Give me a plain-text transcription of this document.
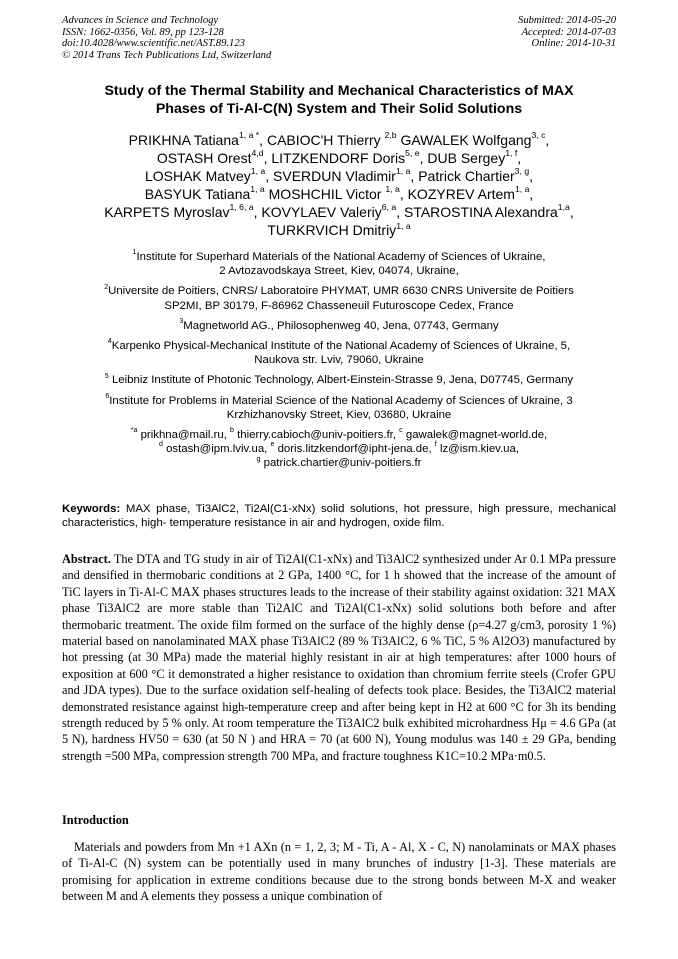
Advances in Science and Technology
ISSN: 1662-0356, Vol. 89, pp 123-128
doi:10.4028/www.scientific.net/AST.89.123
© 2014 Trans Tech Publications Ltd, Switzerland
Submitted: 2014-05-20
Accepted: 2014-07-03
Online: 2014-10-31
Study of the Thermal Stability and Mechanical Characteristics of MAX
Phases of Ti-Al-C(N) System and Their Solid Solutions
PRIKHNA Tatiana$^{1, a *}$, CABIOC'H Thierry $^{2,b}$ GAWALEK Wolfgang$^{3, c}$,
OSTASH Orest$^{4,d}$, LITZKENDORF Doris$^{5, e}$, DUB Sergey$^{1, f}$,
LOSHAK Matvey$^{1, a}$, SVERDUN Vladimir$^{1, a}$, Patrick Chartier$^{3, g}$,
BASYUK Tatiana$^{1, a}$ MOSHCHIL Victor $^{1, a}$, KOZYREV Artem$^{1, a}$,
KARPETS Myroslav$^{1, 6, a}$, KOVYLAEV Valeriy$^{6, a}$, STAROSTINA Alexandra$^{1,a}$,
TURKRVICH Dmitriy$^{1, a}$
$^1$Institute for Superhard Materials of the National Academy of Sciences of Ukraine,
2 Avtozavodskaya Street, Kiev, 04074, Ukraine,
$^2$Universite de Poitiers, CNRS/ Laboratoire PHYMAT, UMR 6630 CNRS Universite de Poitiers
SP2MI, BP 30179, F-86962 Chasseneuil Futuroscope Cedex, France
$^3$Magnetworld AG., Philosophenweg 40, Jena, 07743, Germany
$^4$Karpenko Physical-Mechanical Institute of the National Academy of Sciences of Ukraine, 5,
Naukova str. Lviv, 79060, Ukraine
$^5$ Leibniz Institute of Photonic Technology, Albert-Einstein-Strasse 9, Jena, D07745, Germany
$^6$Institute for Problems in Material Science of the National Academy of Sciences of Ukraine, 3
Krzhizhanovsky Street, Kiev, 03680, Ukraine
$^{*a}$ prikhna@mail.ru, $^b$ thierry.cabioch@univ-poitiers.fr, $^c$ gawalek@magnet-world.de,
$^d$ ostash@ipm.lviv.ua, $^e$ doris.litzkendorf@ipht-jena.de, $^f$ lz@ism.kiev.ua,
$^g$ patrick.chartier@univ-poitiers.fr
Keywords: MAX phase, Ti3AlC2, Ti2Al(C1-xNx) solid solutions, hot pressure, high pressure, mechanical characteristics, high- temperature resistance in air and hydrogen, oxide film.
Abstract. The DTA and TG study in air of Ti2Al(C1-xNx) and Ti3AlC2 synthesized under Ar 0.1 MPa pressure and densified in thermobaric conditions at 2 GPa, 1400 °C, for 1 h showed that the increase of the amount of TiC layers in Ti-Al-C MAX phases structures leads to the increase of their stability against oxidation: 321 MAX phase Ti3AlC2 are more stable than Ti2AlC and Ti2Al(C1-xNx) solid solutions both before and after thermobaric treatment. The oxide film formed on the surface of the highly dense (ρ=4.27 g/cm3, porosity 1 %) material based on nanolaminated MAX phase Ti3AlC2 (89 % Ti3AlC2, 6 % TiC, 5 % Al2O3) manufactured by hot pressing (at 30 MPa) made the material highly resistant in air at high temperatures: after 1000 hours of exposition at 600 °C it demonstrated a higher resistance to oxidation than chromium ferrite steels (Crofer GPU and JDA types). Due to the surface oxidation self-healing of defects took place. Besides, the Ti3AlC2 material demonstrated resistance against high-temperature creep and after being kept in H2 at 600 °C for 3h its bending strength reduced by 5 % only. At room temperature the Ti3AlC2 bulk exhibited microhardness Hμ = 4.6 GPa (at 5 N), hardness HV50 = 630 (at 50 N ) and HRA = 70 (at 600 N), Young modulus was 140 ± 29 GPa, bending strength =500 MPa, compression strength 700 MPa, and fracture toughness K1C=10.2 MPa·m0.5.
Introduction
Materials and powders from Mn +1 AXn (n = 1, 2, 3; M - Ti, A - Al, X - C, N) nanolaminats or MAX phases of Ti-Al-C (N) system can be potentially used in many brunches of industry [1-3]. These materials are promising for application in extreme conditions because due to the strong bonds between M-X and weaker between M and A elements they possess a unique combination of
